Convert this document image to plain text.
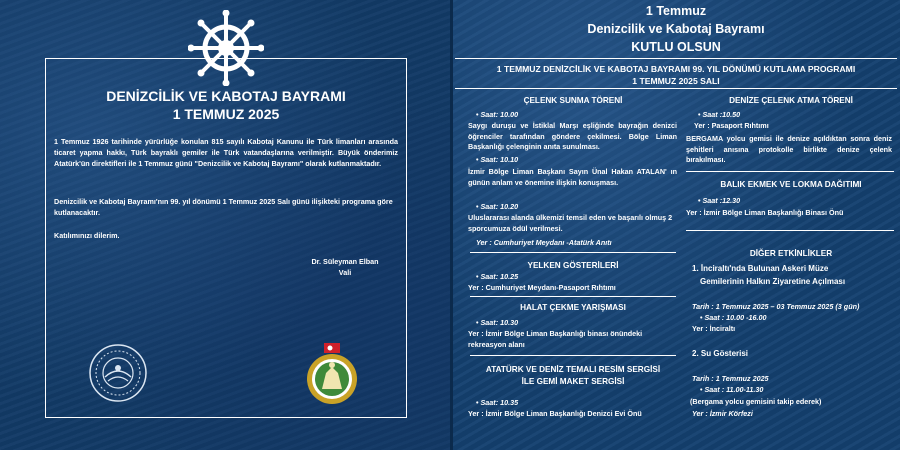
DENİZCİLİK VE KABOTAJ BAYRAMI
1 TEMMUZ 2025
1 Temmuz 1926 tarihinde yürürlüğe konulan 815 sayılı Kabotaj Kanunu ile Türk limanları arasında ticaret yapma hakkı, Türk bayraklı gemiler ile Türk vatandaşlarına verilmiştir. Büyük önderimiz Atatürk'ün direktifleri ile 1 Temmuz günü "Denizcilik ve Kabotaj Bayramı" olarak kutlanmaktadır.
Denizcilik ve Kabotaj Bayramı'nın 99. yıl dönümü 1 Temmuz 2025 Salı günü ilişikteki programa göre kutlanacaktır.
Katılımınızı dilerim.
Dr. Süleyman Elban
Vali
1 Temmuz
Denizcilik ve Kabotaj Bayramı
KUTLU OLSUN
1 TEMMUZ DENİZCİLİK VE KABOTAJ BAYRAMI 99. YIL DÖNÜMÜ KUTLAMA PROGRAMI
1 TEMMUZ 2025 SALI
ÇELENK SUNMA TÖRENİ
• Saat: 10.00
Saygı duruşu ve İstiklal Marşı eşliğinde bayrağın denizci öğrenciler tarafından göndere çekilmesi. Bölge Liman Başkanlığı çelenginin anıta sunulması.
• Saat: 10.10
İzmir Bölge Liman Başkanı Sayın Ünal Hakan ATALAN' ın günün anlam ve önemine ilişkin konuşması.
• Saat: 10.20
Uluslararası alanda ülkemizi temsil eden ve başarılı olmuş 2 sporcumuza ödül verilmesi.
Yer : Cumhuriyet Meydanı -Atatürk Anıtı
YELKEN GÖSTERİLERİ
• Saat: 10.25
Yer : Cumhuriyet Meydanı-Pasaport Rıhtımı
HALAT ÇEKME YARIŞMASI
• Saat: 10.30
Yer : İzmir Bölge Liman Başkanlığı binası önündeki rekreasyon alanı
ATATÜRK VE DENİZ TEMALI RESİM SERGİSİ
İLE GEMİ MAKET SERGİSİ
• Saat: 10.35
Yer : İzmir Bölge Liman Başkanlığı Denizci Evi Önü
DENİZE ÇELENK ATMA TÖRENİ
• Saat :10.50
Yer : Pasaport Rıhtımı
BERGAMA yolcu gemisi ile denize açıldıktan sonra deniz şehitleri anısına protokolle birlikte denize çelenk bırakılması.
BALIK EKMEK VE LOKMA DAĞITIMI
• Saat :12.30
Yer : İzmir Bölge Liman Başkanlığı Binası Önü
DİĞER ETKİNLİKLER
1. İnciraltı'nda Bulunan Askeri Müze
Gemilerinin Halkın Ziyaretine Açılması
Tarih : 1 Temmuz 2025 – 03 Temmuz 2025 (3 gün)
• Saat : 10.00 -16.00
Yer : İnciraltı
2. Su Gösterisi
Tarih : 1 Temmuz 2025
• Saat : 11.00-11.30
(Bergama yolcu gemisini takip ederek)
Yer : İzmir Körfezi
